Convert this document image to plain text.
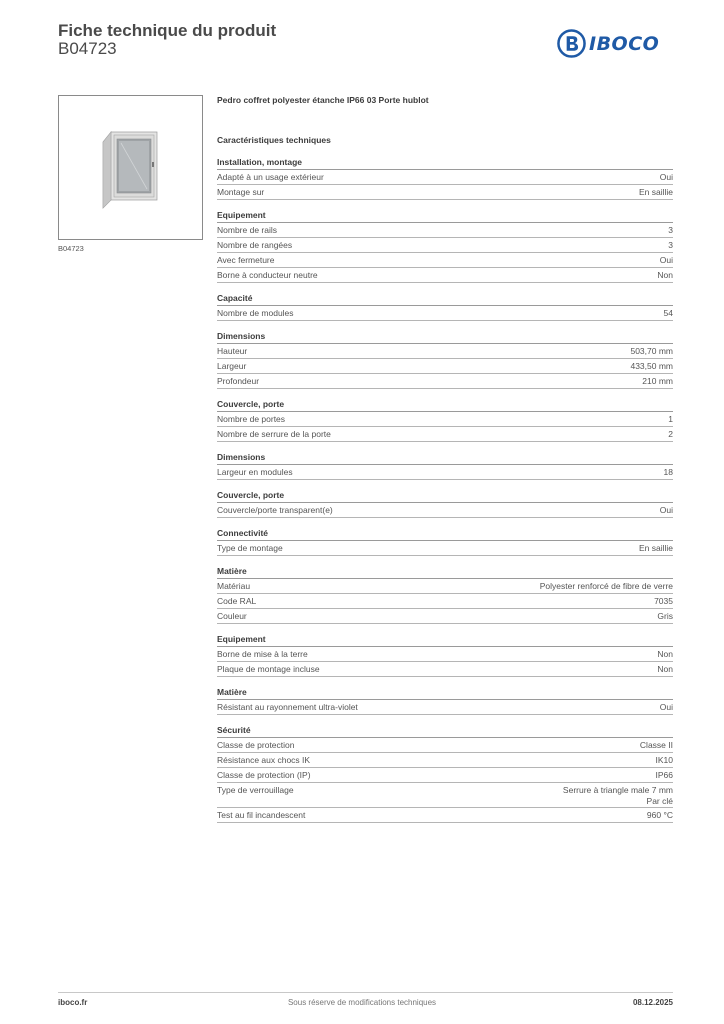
Fiche technique du produit
B04723	IBOCO
B04723
Pedro coffret polyester étanche IP66 03 Porte hublot
Caractéristiques techniques
Installation, montage
Adapté à un usage extérieur	Oui
Montage sur	En saillie
Equipement
Nombre de rails	3
Nombre de rangées	3
Avec fermeture	Oui
Borne à conducteur neutre	Non
Capacité
Nombre de modules	54
Dimensions
Hauteur	503,70 mm
Largeur	433,50 mm
Profondeur	210 mm
Couvercle, porte
Nombre de portes	1
Nombre de serrure de la porte	2
Dimensions
Largeur en modules	18
Couvercle, porte
Couvercle/porte transparent(e)	Oui
Connectivité
Type de montage	En saillie
Matière
Matériau	Polyester renforcé de fibre de verre
Code RAL	7035
Couleur	Gris
Equipement
Borne de mise à la terre	Non
Plaque de montage incluse	Non
Matière
Résistant au rayonnement ultra-violet	Oui
Sécurité
Classe de protection	Classe II
Résistance aux chocs IK	IK10
Classe de protection (IP)	IP66
Type de verrouillage	Serrure à triangle male 7 mm
Par clé
Test au fil incandescent	960 °C
iboco.fr	Sous réserve de modifications techniques	08.12.2025
